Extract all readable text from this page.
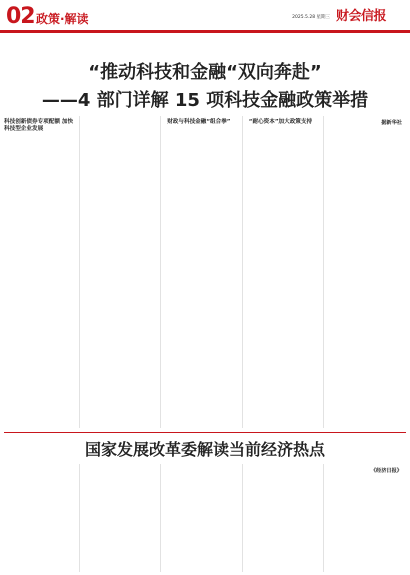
02 政策·解读	2025.5.28 星期三 财会信报
“推动科技和金融“双向奔赴”
——4 部门详解 15 项科技金融政策举措

科技创新债券专项配额 加快科技型企业发展

财政与科技金融“组合拳”	“耐心资本”加大政策支持	据新华社

国家发展改革委解读当前经济热点

《经济日报》
